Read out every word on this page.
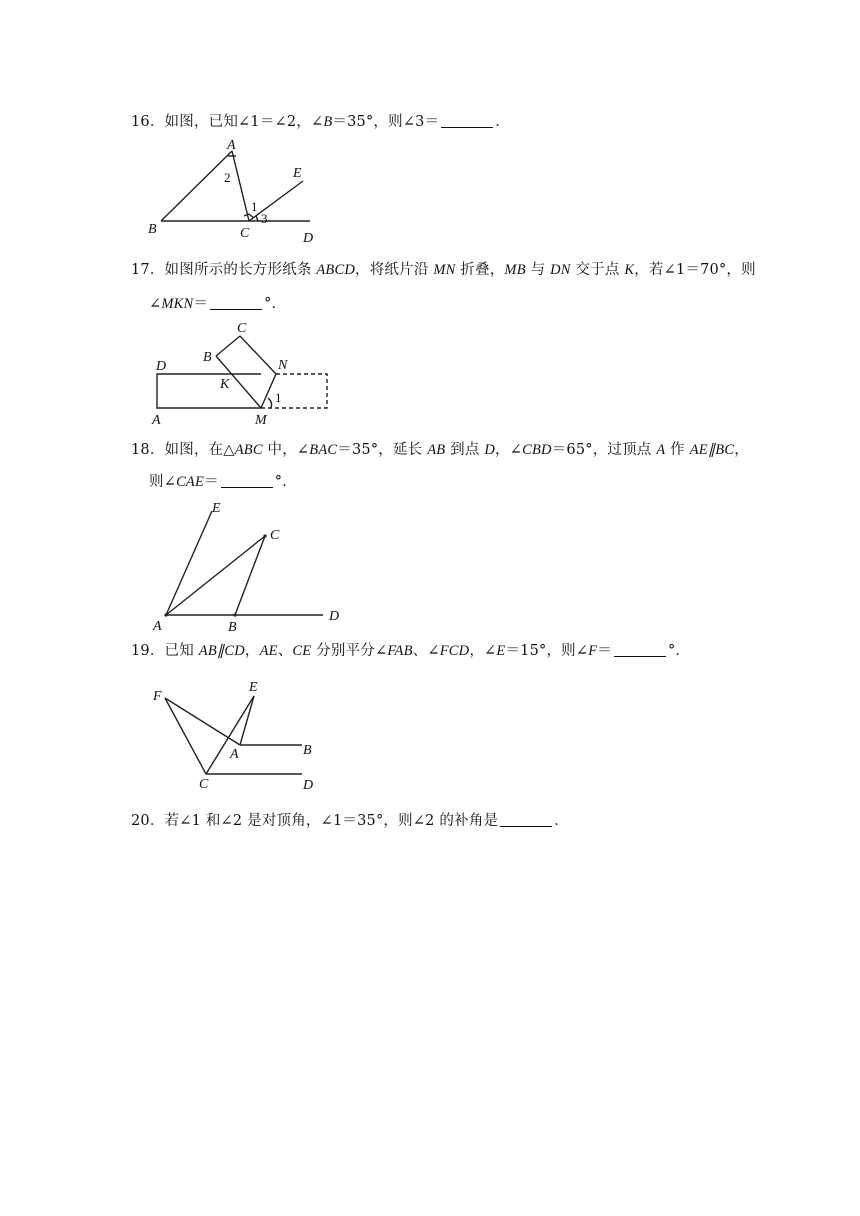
16．如图，已知∠1＝∠2，∠B＝35°，则∠3＝	．
A
B	C	D
E
1
2
3
17．如图所示的长方形纸条 ABCD，将纸片沿 MN 折叠，MB 与 DN 交于点 K，若∠1＝70°，则
∠MKN＝	°．
C
B
D	N
K
A	M
1
18．如图，在△ABC 中，∠BAC＝35°，延长 AB 到点 D，∠CBD＝65°，过顶点 A 作 AE∥BC，
则∠CAE＝	°．
E
C
A	B
D
19．已知 AB∥CD，AE、CE 分别平分∠FAB、∠FCD，∠E＝15°，则∠F＝	°．
F
E
A	B
C	D
20．若∠1 和∠2 是对顶角，∠1＝35°，则∠2 的补角是	．
